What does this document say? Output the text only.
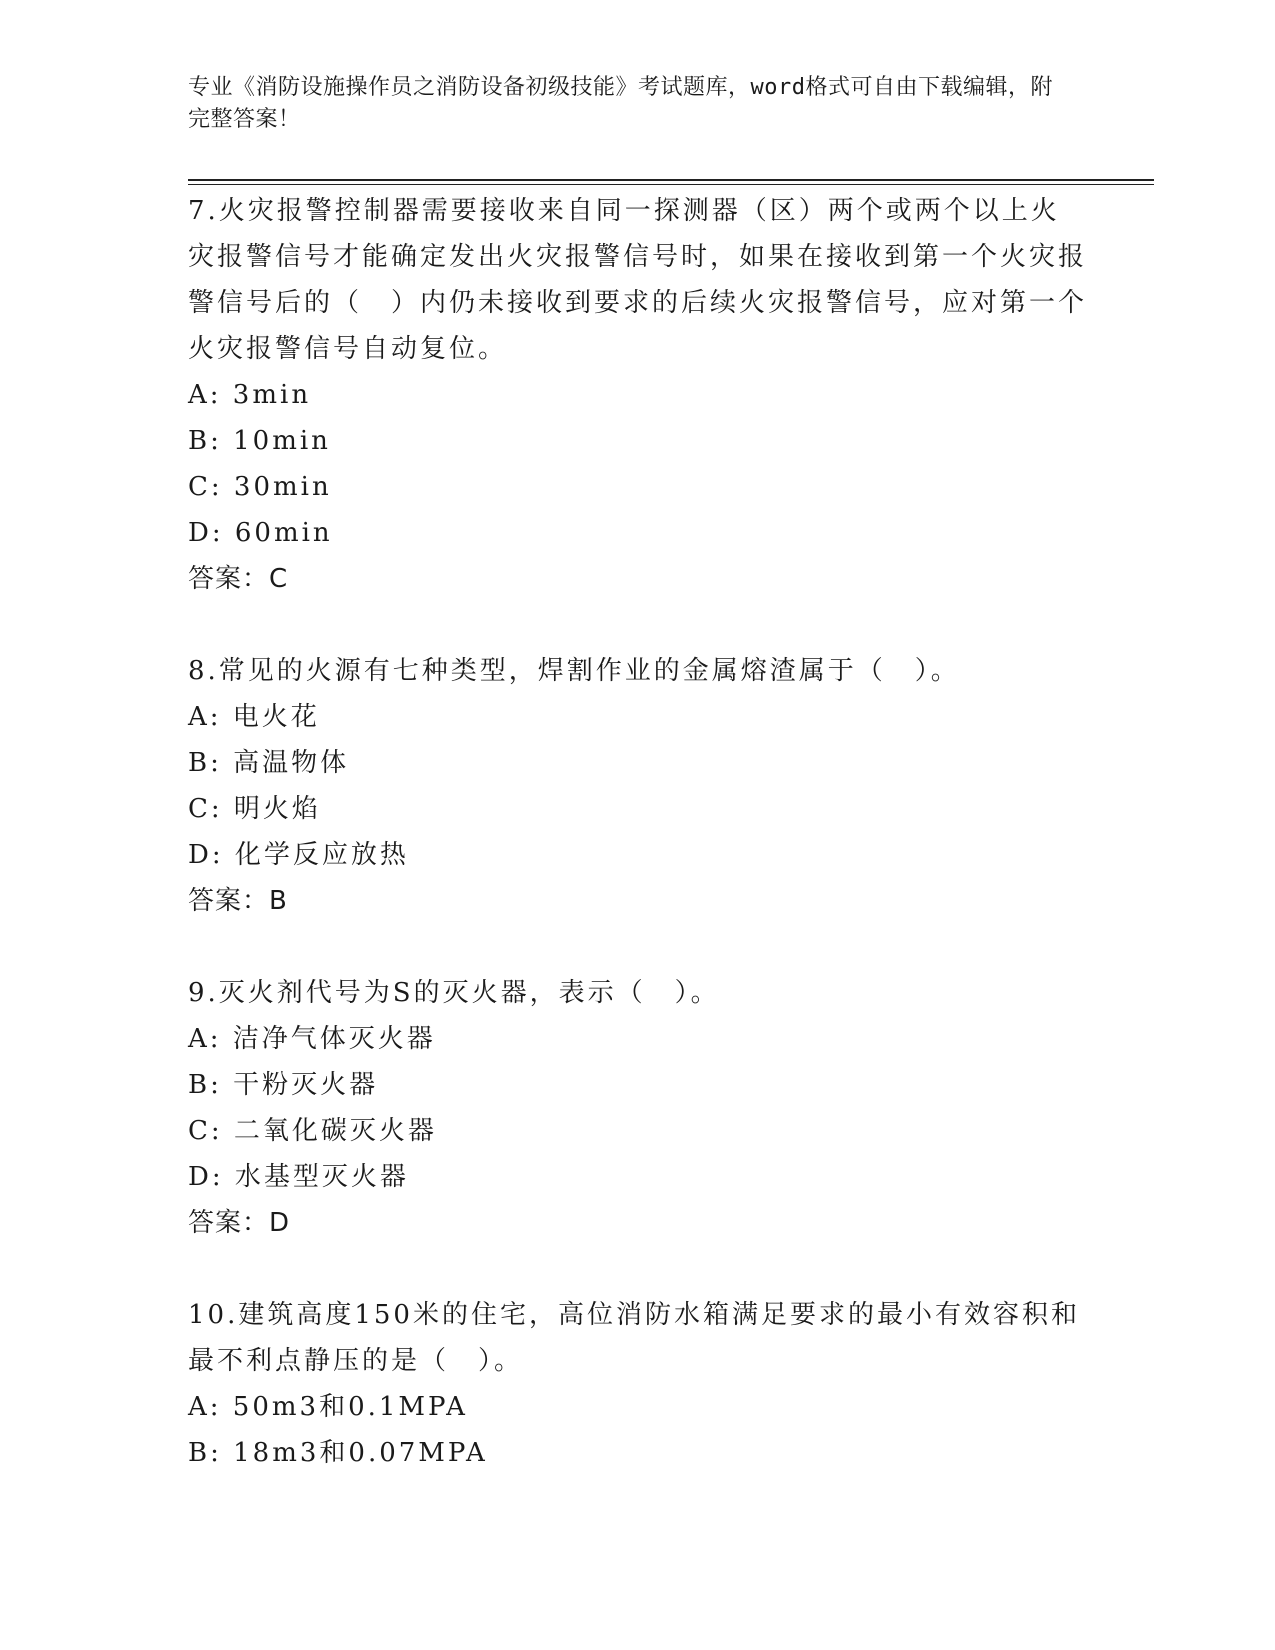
专业《消防设施操作员之消防设备初级技能》考试题库，word格式可自由下载编辑，附完整答案！

7.火灾报警控制器需要接收来自同一探测器（区）两个或两个以上火灾报警信号才能确定发出火灾报警信号时，如果在接收到第一个火灾报警信号后的（　）内仍未接收到要求的后续火灾报警信号，应对第一个火灾报警信号自动复位。

A: 3min

B: 10min

C: 30min

D: 60min

答案：C

8.常见的火源有七种类型，焊割作业的金属熔渣属于（　）。

A: 电火花

B: 高温物体

C: 明火焰

D: 化学反应放热

答案：B

9.灭火剂代号为S的灭火器，表示（　）。

A: 洁净气体灭火器

B: 干粉灭火器

C: 二氧化碳灭火器

D: 水基型灭火器

答案：D

10.建筑高度150米的住宅，高位消防水箱满足要求的最小有效容积和最不利点静压的是（　）。

A: 50m3和0.1MPA

B: 18m3和0.07MPA
